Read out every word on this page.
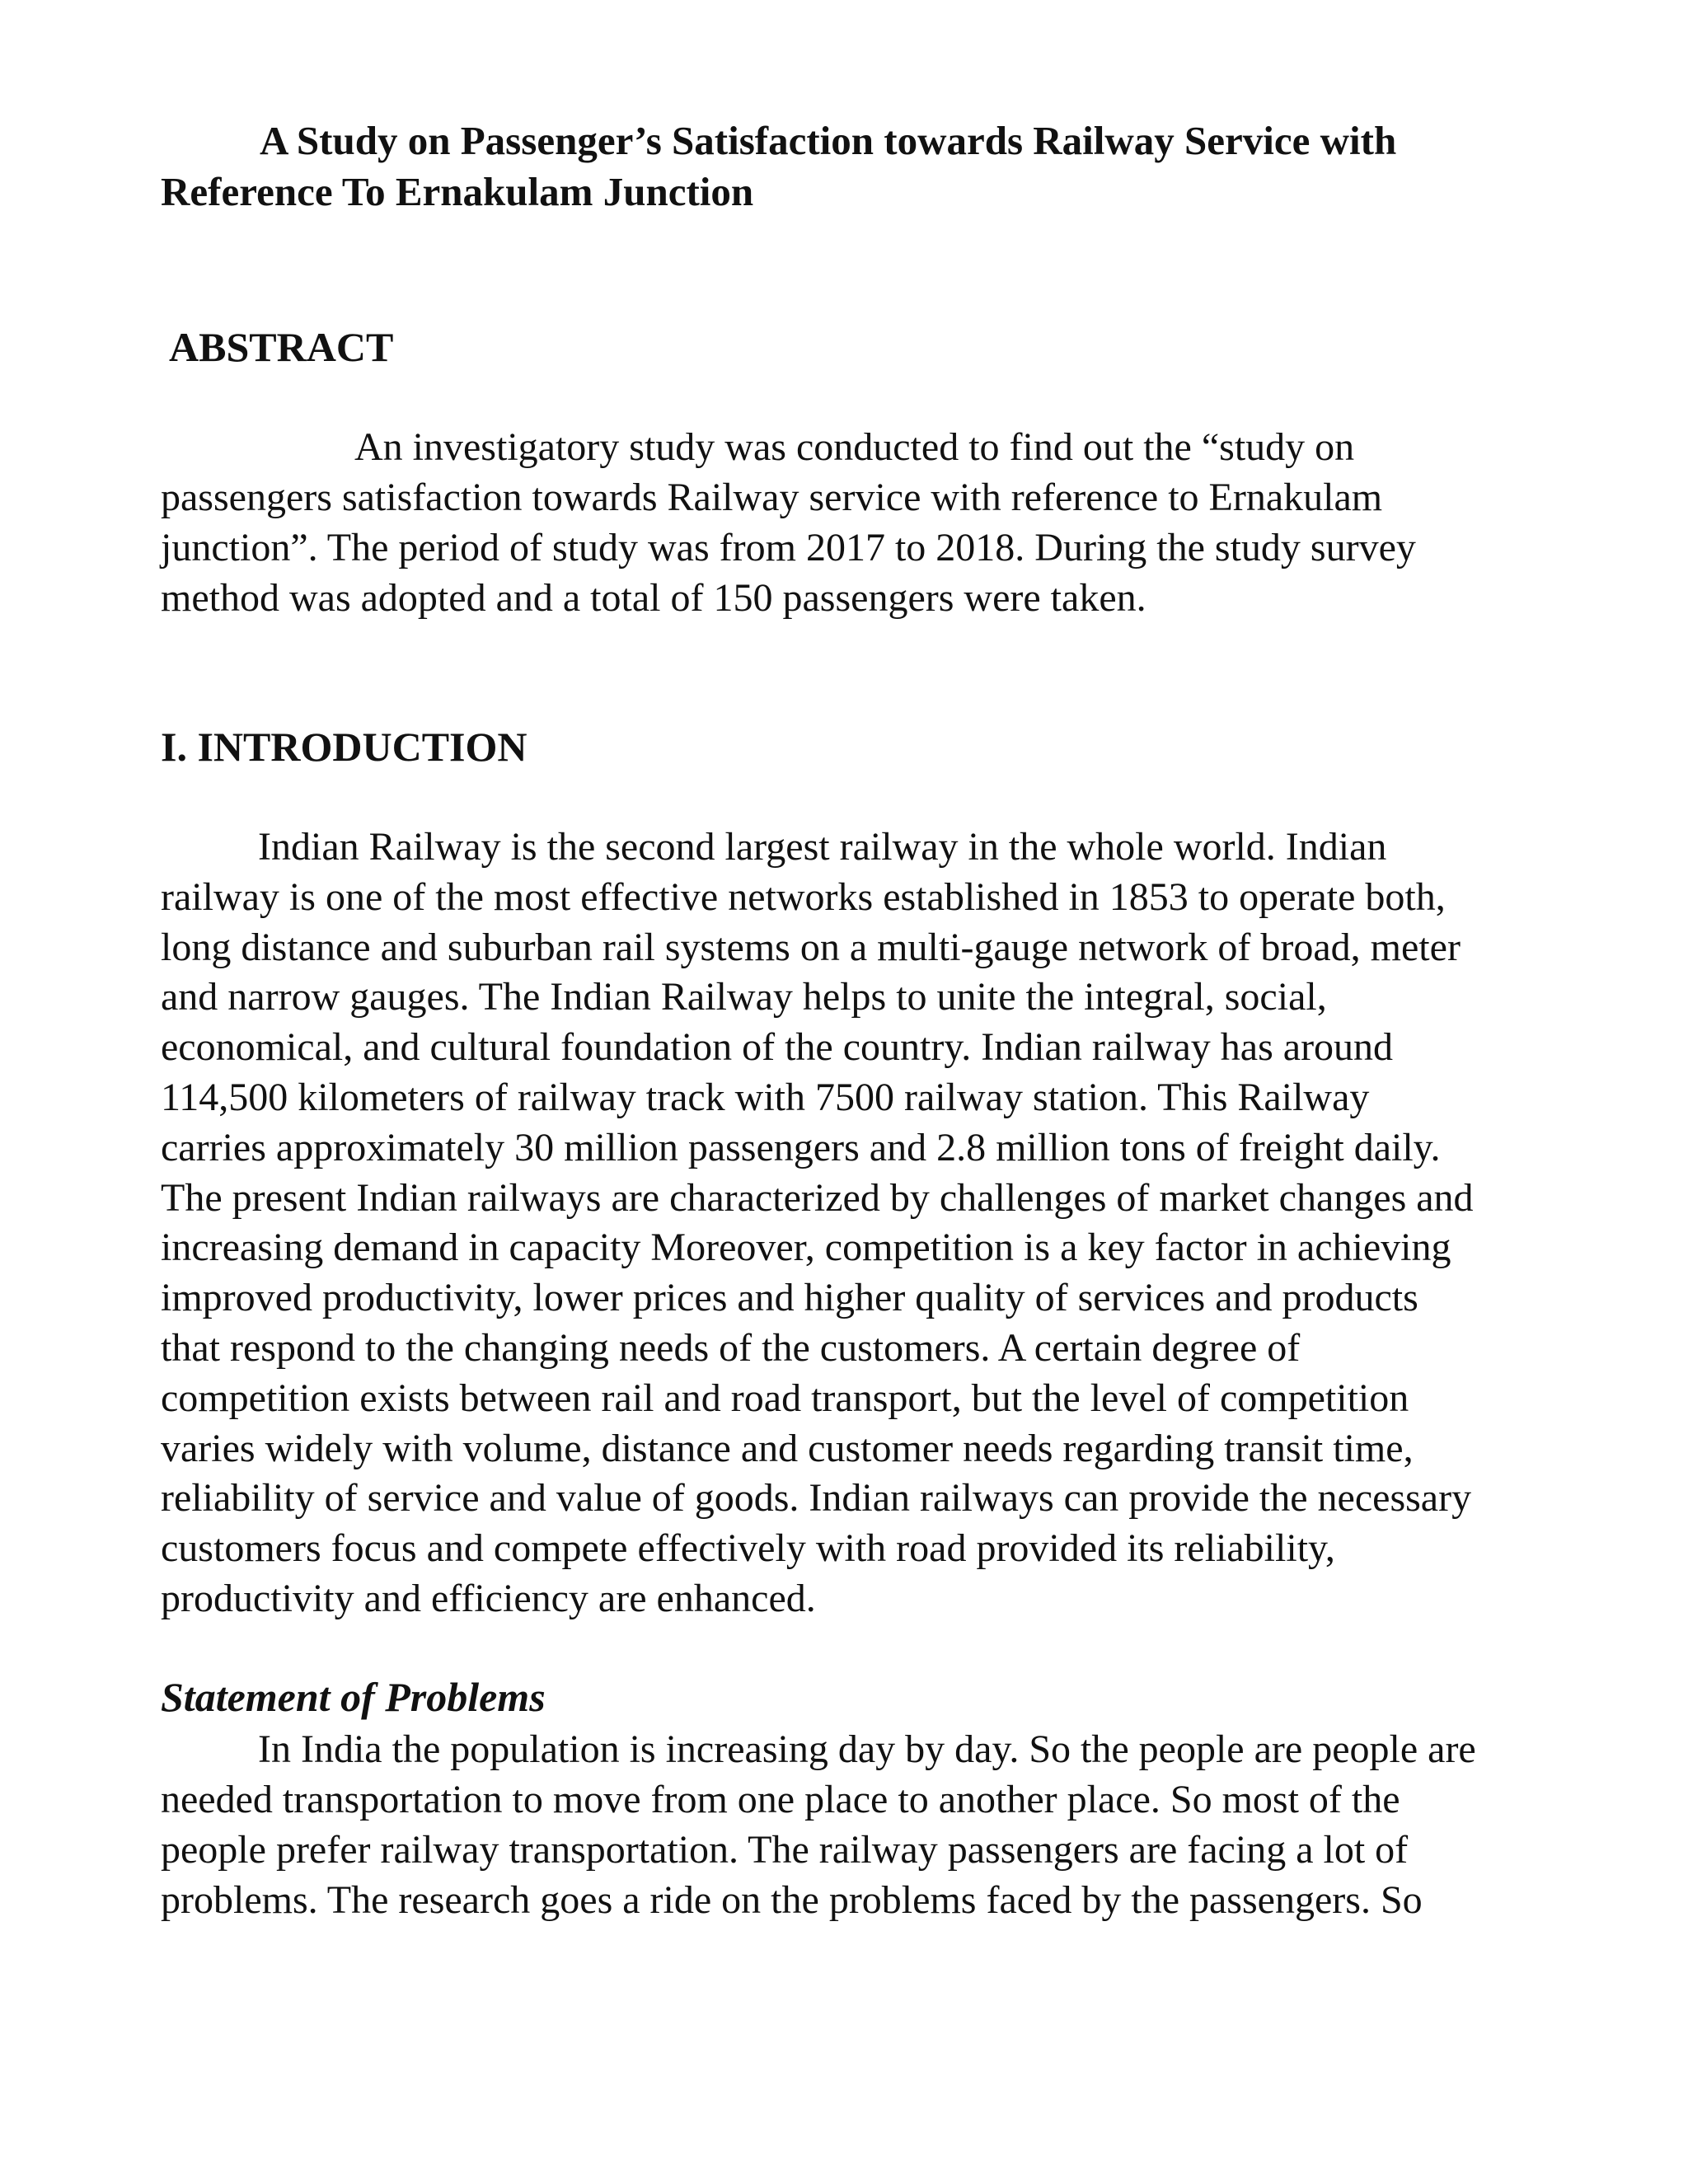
A Study on Passenger’s Satisfaction towards Railway Service with
Reference To Ernakulam Junction
ABSTRACT

An investigatory study was conducted to find out the “study on
passengers satisfaction towards Railway service with reference to Ernakulam
junction”. The period of study was from 2017 to 2018. During the study survey
method was adopted and a total of 150 passengers were taken.

I. INTRODUCTION

Indian Railway is the second largest railway in the whole world. Indian
railway is one of the most effective networks established in 1853 to operate both,
long distance and suburban rail systems on a multi-gauge network of broad, meter
and narrow gauges. The Indian Railway helps to unite the integral, social,
economical, and cultural foundation of the country. Indian railway has around
114,500 kilometers of railway track with 7500 railway station. This Railway
carries approximately 30 million passengers and 2.8 million tons of freight daily.
The present Indian railways are characterized by challenges of market changes and
increasing demand in capacity Moreover, competition is a key factor in achieving
improved productivity, lower prices and higher quality of services and products
that respond to the changing needs of the customers. A certain degree of
competition exists between rail and road transport, but the level of competition
varies widely with volume, distance and customer needs regarding transit time,
reliability of service and value of goods. Indian railways can provide the necessary
customers focus and compete effectively with road provided its reliability,
productivity and efficiency are enhanced.

Statement of Problems

In India the population is increasing day by day. So the people are people are
needed transportation to move from one place to another place. So most of the
people prefer railway transportation. The railway passengers are facing a lot of
problems. The research goes a ride on the problems faced by the passengers. So
